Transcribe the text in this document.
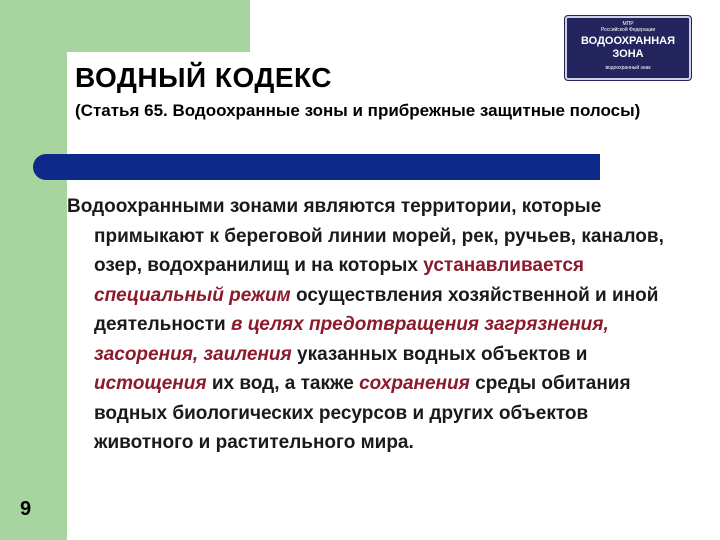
ВОДНЫЙ КОДЕКС
(Статья 65. Водоохранные зоны и прибрежные защитные полосы)
МПР
Российской Федерации
ВОДООХРАННАЯ
ЗОНА
водоохранный знак

Водоохранными зонами являются территории, которые примыкают к береговой линии морей, рек, ручьев, каналов, озер, водохранилищ и на которых устанавливается специальный режим осуществления хозяйственной и иной деятельности в целях предотвращения загрязнения, засорения, заиления указанных водных объектов и истощения их вод, а также сохранения среды обитания водных биологических ресурсов и других объектов животного и растительного мира.

9
